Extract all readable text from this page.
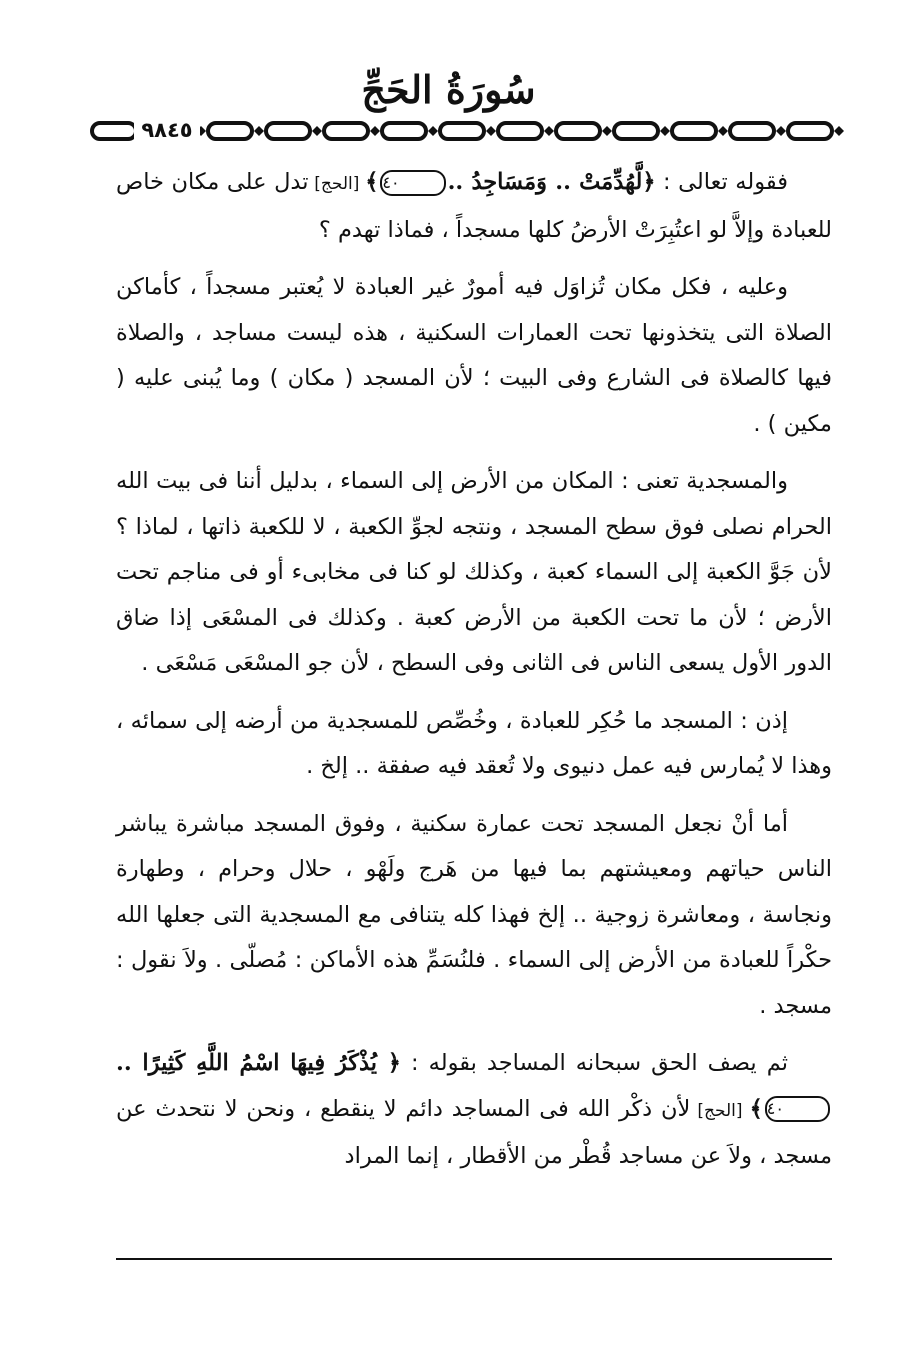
سُورَةُ الحَجِّ
٩٨٤٥

فقوله تعالى : ﴿لَّهُدِّمَتْ .. وَمَسَاجِدُ ..٤٠﴾ [الحج] تدل على مكان خاص للعبادة وإلاَّ لو اعتُبِرَتْ الأرضُ كلها مسجداً ، فماذا تهدم ؟

وعليه ، فكل مكان تُزاوَل فيه أمورٌ غير العبادة لا يُعتبر مسجداً ، كأماكن الصلاة التى يتخذونها تحت العمارات السكنية ، هذه ليست مساجد ، والصلاة فيها كالصلاة فى الشارع وفى البيت ؛ لأن المسجد ( مكان ) وما يُبنى عليه ( مكين ) .

والمسجدية تعنى : المكان من الأرض إلى السماء ، بدليل أننا فى بيت الله الحرام نصلى فوق سطح المسجد ، ونتجه لجوِّ الكعبة ، لا للكعبة ذاتها ، لماذا ؟ لأن جَوَّ الكعبة إلى السماء كعبة ، وكذلك لو كنا فى مخابىء أو فى مناجم تحت الأرض ؛ لأن ما تحت الكعبة من الأرض كعبة . وكذلك فى المسْعَى إذا ضاق الدور الأول يسعى الناس فى الثانى وفى السطح ، لأن جو المسْعَى مَسْعَى .

إذن : المسجد ما حُكِر للعبادة ، وخُصِّص للمسجدية من أرضه إلى سمائه ، وهذا لا يُمارس فيه عمل دنيوى ولا تُعقد فيه صفقة .. إلخ .

أما أنْ نجعل المسجد تحت عمارة سكنية ، وفوق المسجد مباشرة يباشر الناس حياتهم ومعيشتهم بما فيها من هَرج ولَهْو ، حلال وحرام ، وطهارة ونجاسة ، ومعاشرة زوجية .. إلخ فهذا كله يتنافى مع المسجدية التى جعلها الله حكْراً للعبادة من الأرض إلى السماء . فلنُسَمِّ هذه الأماكن : مُصلّى . ولاَ نقول : مسجد .

ثم يصف الحق سبحانه المساجد بقوله : ﴿ يُذْكَرُ فِيهَا اسْمُ اللَّهِ كَثِيرًا ..٤٠﴾ [الحج] لأن ذكْر الله فى المساجد دائم لا ينقطع ، ونحن لا نتحدث عن مسجد ، ولاَ عن مساجد قُطْر من الأقطار ، إنما المراد
